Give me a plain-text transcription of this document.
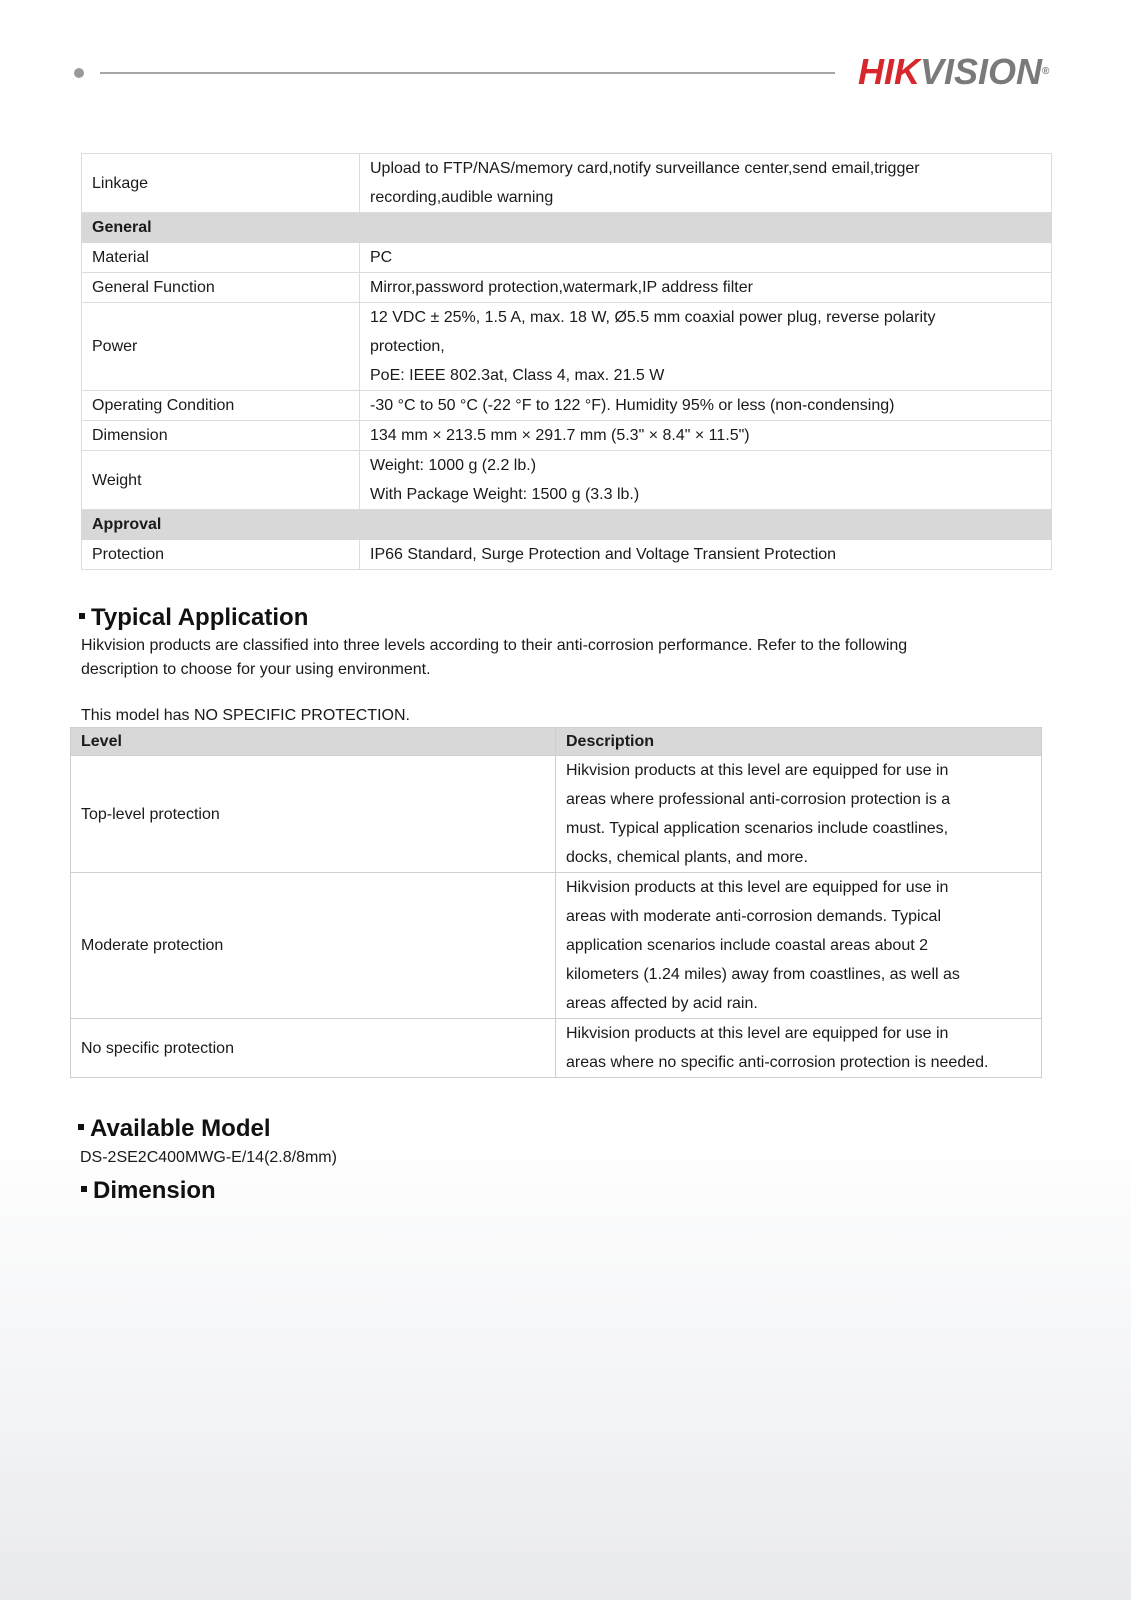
HIKVISION®
Linkage	Upload to FTP/NAS/memory card,notify surveillance center,send email,trigger
recording,audible warning

General	
Material	PC
General Function	Mirror,password protection,watermark,IP address filter
Power	12 VDC ± 25%, 1.5 A, max. 18 W, Ø5.5 mm coaxial power plug, reverse polarity
protection,
PoE: IEEE 802.3at, Class 4, max. 21.5 W

Operating Condition	-30 °C to 50 °C (-22 °F to 122 °F). Humidity 95% or less (non-condensing)
Dimension	134 mm × 213.5 mm × 291.7 mm (5.3" × 8.4" × 11.5")
Weight	Weight: 1000 g (2.2 lb.)
With Package Weight: 1500 g (3.3 lb.)

Approval	
Protection	IP66 Standard, Surge Protection and Voltage Transient Protection
Typical Application
Hikvision products are classified into three levels according to their anti-corrosion performance. Refer to the following
description to choose for your using environment.
This model has NO SPECIFIC PROTECTION.
Level	Description
Top-level protection	Hikvision products at this level are equipped for use in
areas where professional anti-corrosion protection is a
must. Typical application scenarios include coastlines,
docks, chemical plants, and more.

Moderate protection	Hikvision products at this level are equipped for use in
areas with moderate anti-corrosion demands. Typical
application scenarios include coastal areas about 2
kilometers (1.24 miles) away from coastlines, as well as
areas affected by acid rain.

No specific protection	Hikvision products at this level are equipped for use in
areas where no specific anti-corrosion protection is needed.
Available Model
DS-2SE2C400MWG-E/14(2.8/8mm)
Dimension
